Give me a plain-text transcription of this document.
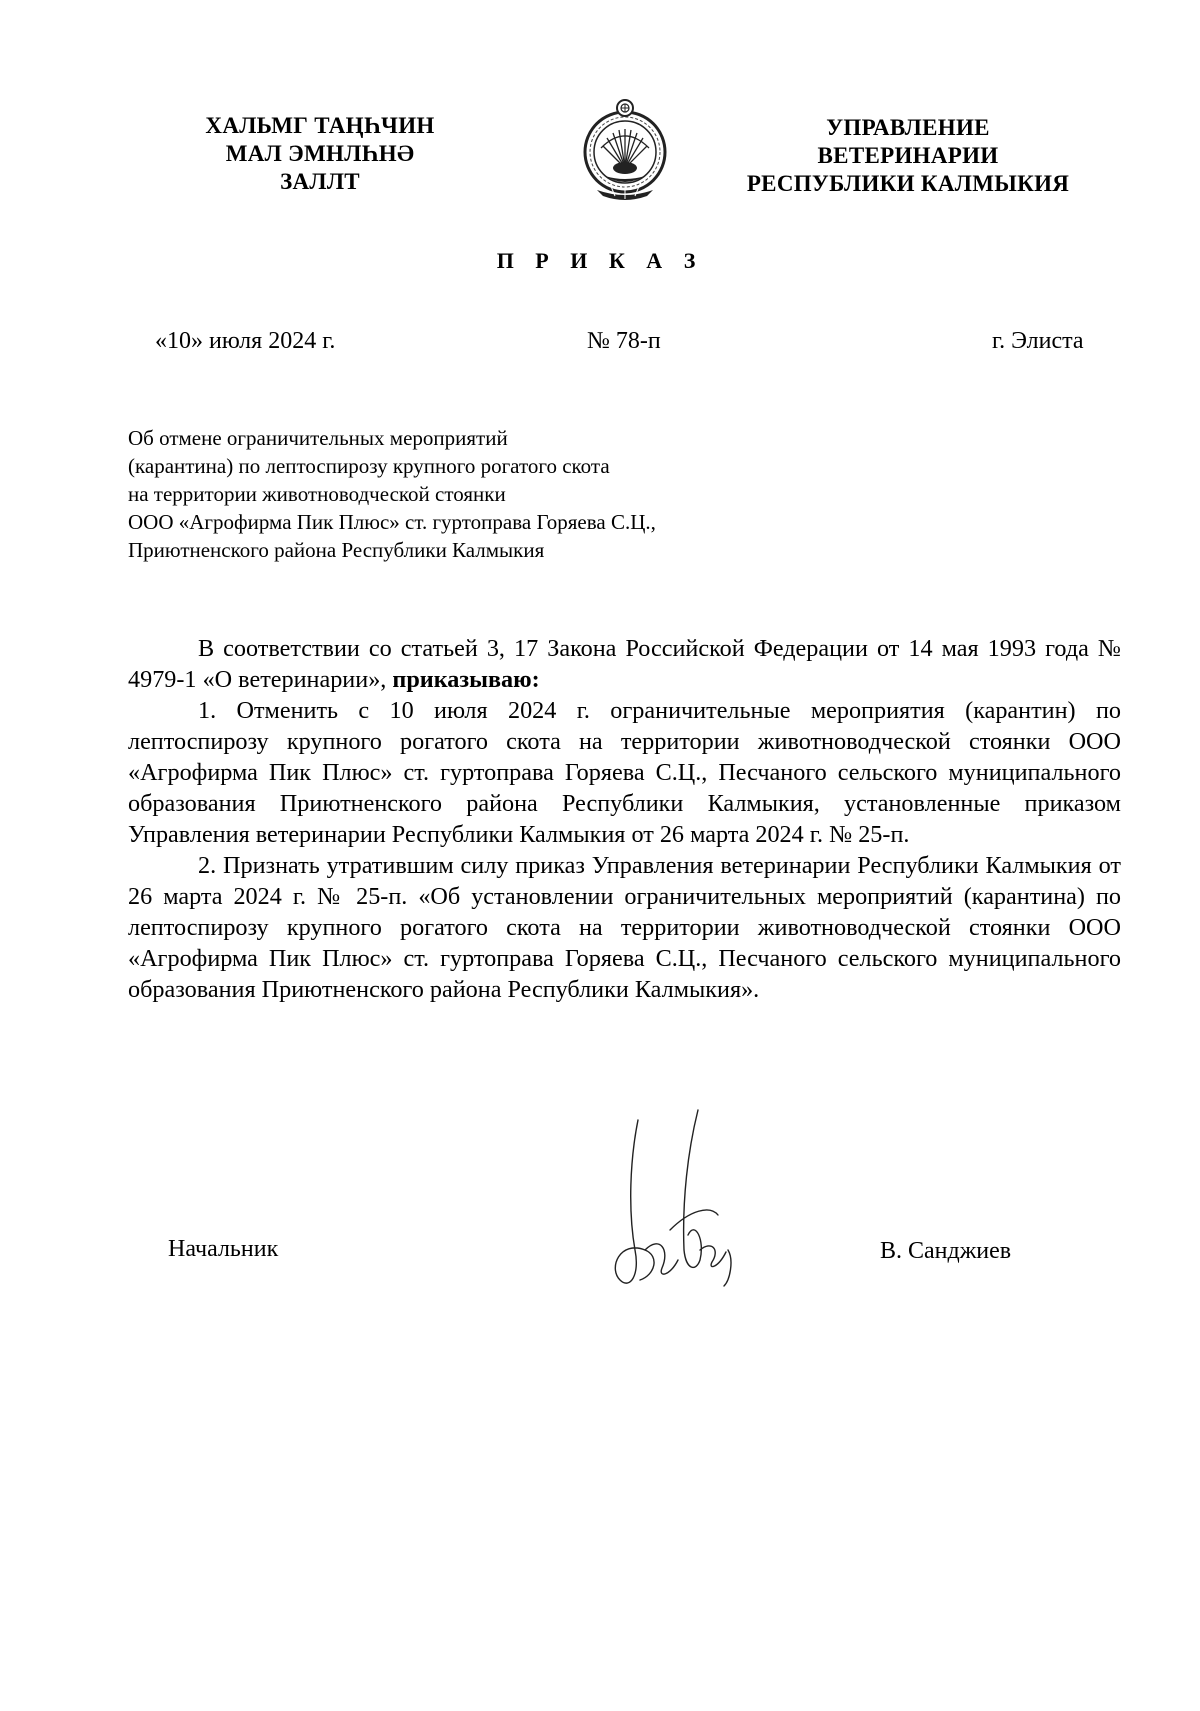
ХАЛЬМГ ТАҢҺЧИН
МАЛ ЭМНЛҺНӘ
ЗАЛЛТ
УПРАВЛЕНИЕ
ВЕТЕРИНАРИИ
РЕСПУБЛИКИ КАЛМЫКИЯ
П Р И К А З
«10» июля 2024 г.	№ 78-п	г. Элиста
Об отмене ограничительных мероприятий
(карантина) по лептоспирозу крупного рогатого скота
на территории животноводческой стоянки
ООО «Агрофирма Пик Плюс» ст. гуртоправа Горяева С.Ц.,
Приютненского района Республики Калмыкия

В соответствии со статьей 3, 17 Закона Российской Федерации от 14 мая 1993 года № 4979-1 «О ветеринарии», приказываю:

1. Отменить с 10 июля 2024 г. ограничительные мероприятия (карантин) по лептоспирозу крупного рогатого скота на территории животноводческой стоянки ООО «Агрофирма Пик Плюс» ст. гуртоправа Горяева С.Ц., Песчаного сельского муниципального образования Приютненского района Республики Калмыкия, установленные приказом Управления ветеринарии Республики Калмыкия от 26 марта 2024 г. № 25-п.

2. Признать утратившим силу приказ Управления ветеринарии Республики Калмыкия от 26 марта 2024 г. № 25-п. «Об установлении ограничительных мероприятий (карантина) по лептоспирозу крупного рогатого скота на территории животноводческой стоянки ООО «Агрофирма Пик Плюс» ст. гуртоправа Горяева С.Ц., Песчаного сельского муниципального образования Приютненского района Республики Калмыкия».

Начальник	В. Санджиев
